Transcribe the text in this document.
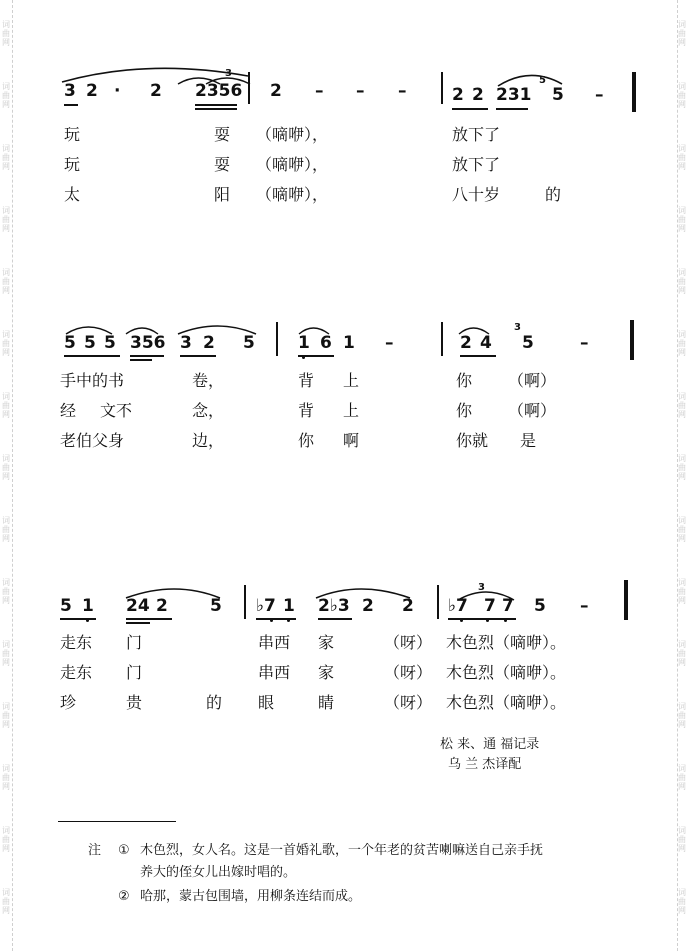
词
曲
网
词
曲
网
词
曲
网
词
曲
网
词
曲
网
词
曲
网
词
曲
网
词
曲
网
词
曲
网
词
曲
网
词
曲
网
词
曲
网
词
曲
网
词
曲
网
词
曲
网
词
曲
网
词
曲
网
词
曲
网
词
曲
网
词
曲
网
词
曲
网
词
曲
网
词
曲
网
词
曲
网
词
曲
网
词
曲
网
词
曲
网
词
曲
网
词
曲
网
词
曲
网
3 2 · 2 2356
3
2 – – –	2 2 231
5
5 –
玩	耍 （嘀咿），	放下了
玩	耍 （嘀咿），	放下了
太	阳 （嘀咿），	八十岁	的
5 5 5 356 3 2 5	1 6 1 –	2 4
3
5	–
手中的书	卷，	背 上	你 （啊）
经 文不	念，	背 上	你 （啊）
老伯父身	边，	你 啊	你就 是
5 1 24 2 5 ♭7 1 2♭3 2 2 ♭7 7 7
3
5 –
走东 门	串西 家	（呀） 木色烈（嘀咿）。
走东 门	串西 家	（呀） 木色烈（嘀咿）。
珍	贵	的 眼	睛	（呀） 木色烈（嘀咿）。
松 来、通 福记录
乌 兰 杰译配
注 ① 木色烈，女人名。这是一首婚礼歌，一个年老的贫苦喇嘛送自己亲手抚
养大的侄女儿出嫁时唱的。
② 哈那，蒙古包围墙，用柳条连结而成。
